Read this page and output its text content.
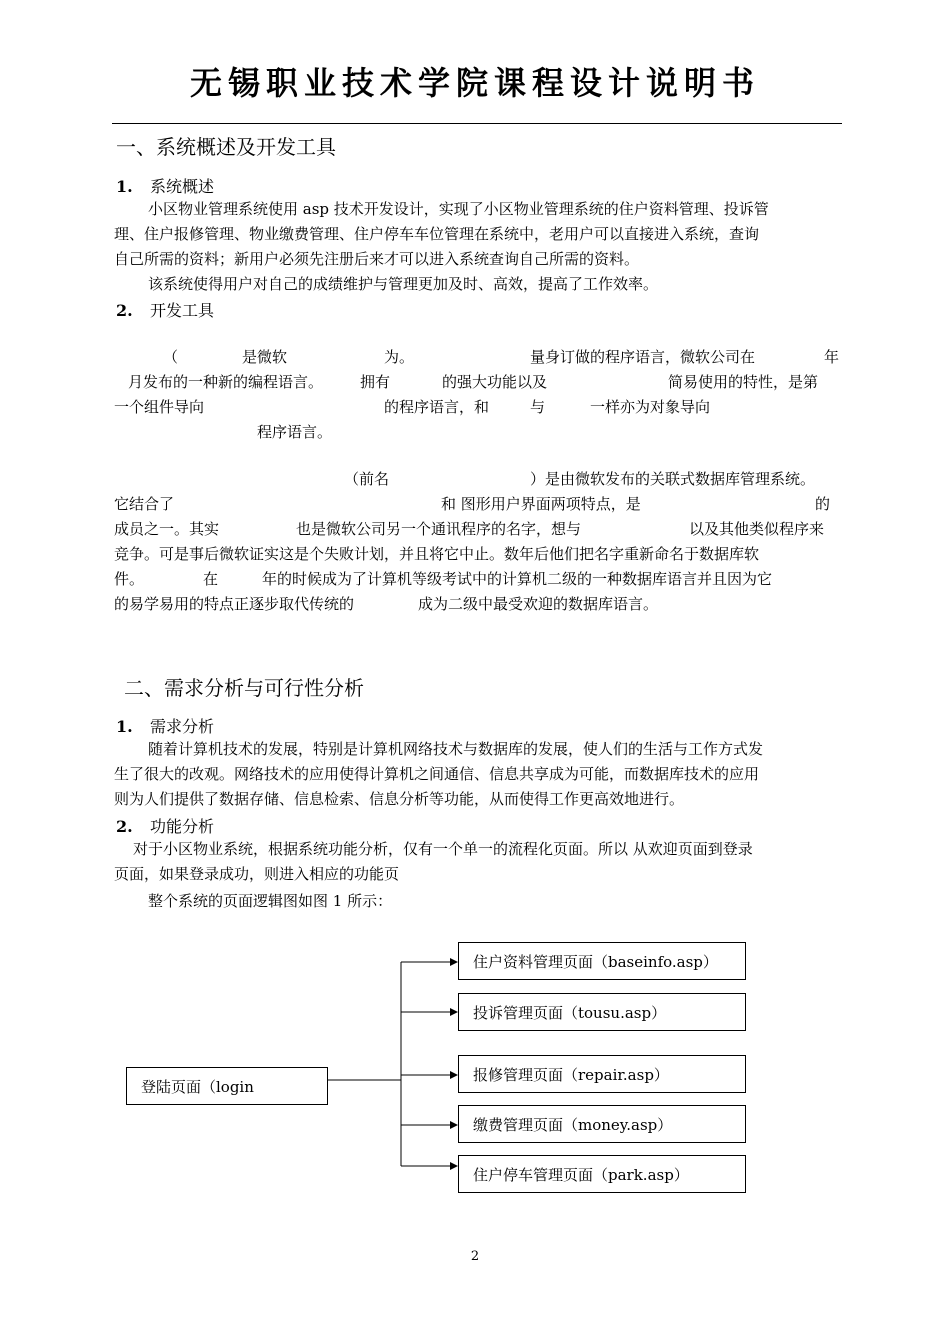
无锡职业技术学院课程设计说明书
一、系统概述及开发工具
1. 系统概述
小区物业管理系统使用 asp 技术开发设计，实现了小区物业管理系统的住户资料管理、投诉管
理、住户报修管理、物业缴费管理、住户停车车位管理在系统中，老用户可以直接进入系统，查询
自己所需的资料；新用户必须先注册后来才可以进入系统查询自己所需的资料。
该系统使得用户对自己的成绩维护与管理更加及时、高效，提高了工作效率。
2. 开发工具
（	是微软	为。	量身订做的程序语言，微软公司在	年
月发布的一种新的编程语言。 拥有	的强大功能以及	简易使用的特性，是第
一个组件导向	的程序语言，和	与	一样亦为对象导向
程序语言。
（前名	）是由微软发布的关联式数据库管理系统。
它结合了	和 图形用户界面两项特点，是	的
成员之一。其实	也是微软公司另一个通讯程序的名字，想与	以及其他类似程序来
竞争。可是事后微软证实这是个失败计划，并且将它中止。数年后他们把名字重新命名于数据库软
件。	在	年的时候成为了计算机等级考试中的计算机二级的一种数据库语言并且因为它
的易学易用的特点正逐步取代传统的	成为二级中最受欢迎的数据库语言。
二、需求分析与可行性分析
1. 需求分析
随着计算机技术的发展，特别是计算机网络技术与数据库的发展，使人们的生活与工作方式发
生了很大的改观。网络技术的应用使得计算机之间通信、信息共享成为可能，而数据库技术的应用
则为人们提供了数据存储、信息检索、信息分析等功能，从而使得工作更高效地进行。
2. 功能分析
对于小区物业系统，根据系统功能分析，仅有一个单一的流程化页面。所以 从欢迎页面到登录
页面，如果登录成功，则进入相应的功能页
整个系统的页面逻辑图如图 1 所示：
登陆页面（login
住户资料管理页面（baseinfo.asp）
投诉管理页面（tousu.asp）
报修管理页面（repair.asp）
缴费管理页面（money.asp）
住户停车管理页面（park.asp）
2
